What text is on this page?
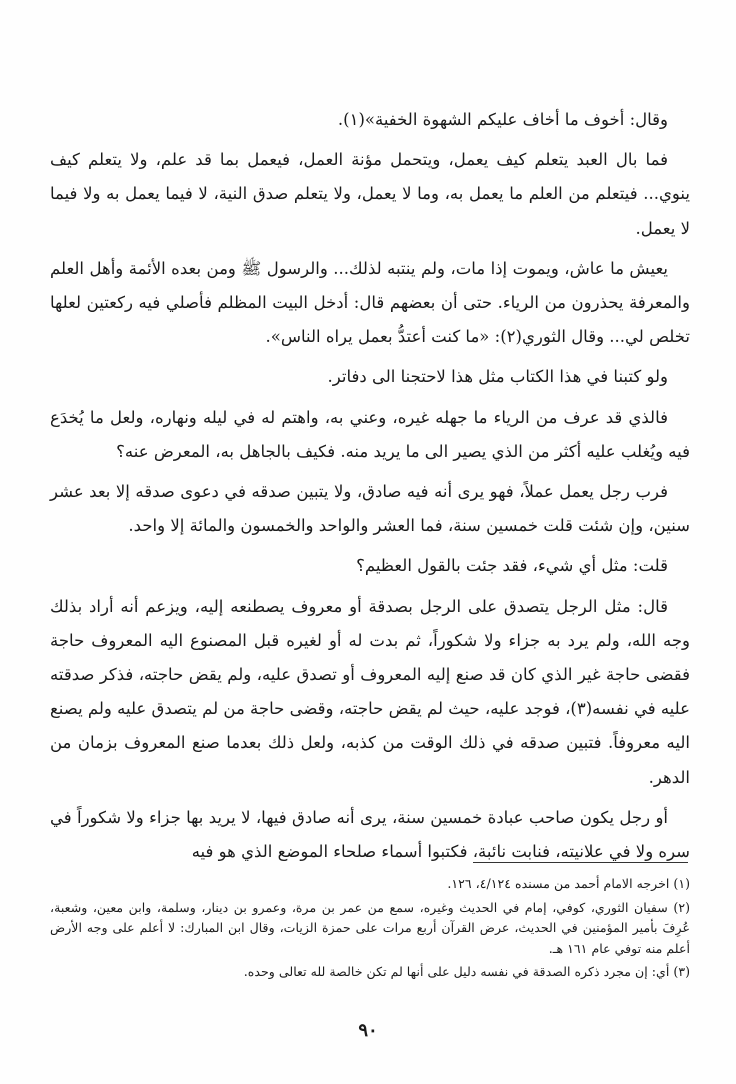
وقال: أخوف ما أخاف عليكم الشهوة الخفية»(١).

فما بال العبد يتعلم كيف يعمل، ويتحمل مؤنة العمل، فيعمل بما قد علم، ولا يتعلم كيف ينوي... فيتعلم من العلم ما يعمل به، وما لا يعمل، ولا يتعلم صدق النية، لا فيما يعمل به ولا فيما لا يعمل.

يعيش ما عاش، ويموت إذا مات، ولم ينتبه لذلك... والرسول ﷺ ومن بعده الأئمة وأهل العلم والمعرفة يحذرون من الرياء. حتى أن بعضهم قال: أدخل البيت المظلم فأصلي فيه ركعتين لعلها تخلص لي... وقال الثوري(٢): «ما كنت أعتدُّ بعمل يراه الناس».

ولو كتبنا في هذا الكتاب مثل هذا لاحتجنا الى دفاتر.

فالذي قد عرف من الرياء ما جهله غيره، وعني به، واهتم له في ليله ونهاره، ولعل ما يُخدَع فيه ويُغلب عليه أكثر من الذي يصير الى ما يريد منه. فكيف بالجاهل به، المعرض عنه؟

فرب رجل يعمل عملاً، فهو يرى أنه فيه صادق، ولا يتبين صدقه في دعوى صدقه إلا بعد عشر سنين، وإن شئت قلت خمسين سنة، فما العشر والواحد والخمسون والمائة إلا واحد.

قلت: مثل أي شيء، فقد جئت بالقول العظيم؟

قال: مثل الرجل يتصدق على الرجل بصدقة أو معروف يصطنعه إليه، ويزعم أنه أراد بذلك وجه الله، ولم يرد به جزاء ولا شكوراً، ثم بدت له أو لغيره قبل المصنوع اليه المعروف حاجة فقضى حاجة غير الذي كان قد صنع إليه المعروف أو تصدق عليه، ولم يقض حاجته، فذكر صدقته عليه في نفسه(٣)، فوجد عليه، حيث لم يقض حاجته، وقضى حاجة من لم يتصدق عليه ولم يصنع اليه معروفاً. فتبين صدقه في ذلك الوقت من كذبه، ولعل ذلك بعدما صنع المعروف بزمان من الدهر.

أو رجل يكون صاحب عبادة خمسين سنة، يرى أنه صادق فيها، لا يريد بها جزاء ولا شكوراً في سره ولا في علانيته، فنابت نائبة، فكتبوا أسماء صلحاء الموضع الذي هو فيه

(١) اخرجه الامام أحمد من مسنده ٤/١٢٤، ١٢٦.
(٢) سفيان الثوري، كوفي، إمام في الحديث وغيره، سمع من عمر بن مرة، وعمرو بن دينار، وسلمة، وابن معين، وشعبة، عُرِفَ بأمير المؤمنين في الحديث، عرض القرآن أربع مرات على حمزة الزيات، وقال ابن المبارك: لا أعلم على وجه الأرض أعلم منه توفي عام ١٦١ هـ.
(٣) أي: إن مجرد ذكره الصدقة في نفسه دليل على أنها لم تكن خالصة لله تعالى وحده.
٩٠
